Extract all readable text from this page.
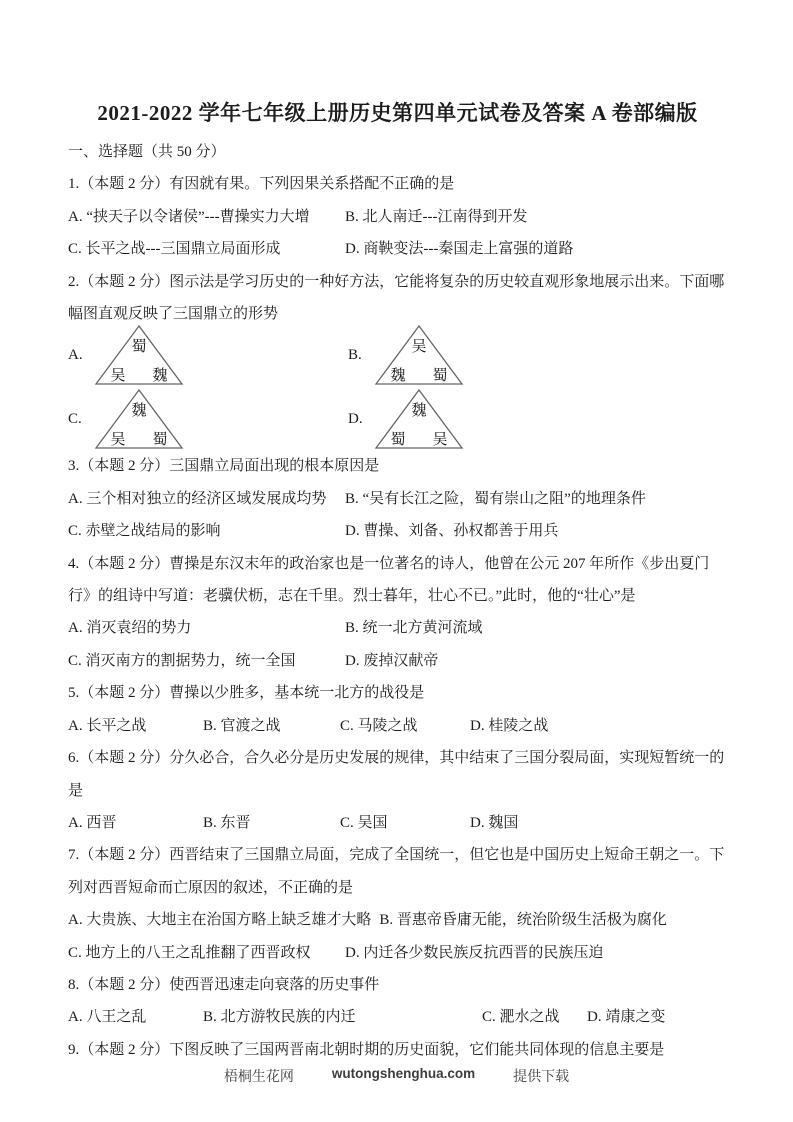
2021-2022 学年七年级上册历史第四单元试卷及答案 A 卷部编版
一、选择题（共 50 分）
1.（本题 2 分）有因就有果。下列因果关系搭配不正确的是
A. “挟天子以令诸侯”---曹操实力大增	B. 北人南迁---江南得到开发
C. 长平之战---三国鼎立局面形成	D. 商鞅变法---秦国走上富强的道路
2.（本题 2 分）图示法是学习历史的一种好方法，它能将复杂的历史较直观形象地展示出来。下面哪幅图直观反映了三国鼎立的形势
A.	蜀
吴 魏
B.	吴
魏 蜀
C.	魏
吴 蜀
D.	魏
蜀 吴
3.（本题 2 分）三国鼎立局面出现的根本原因是
A. 三个相对独立的经济区域发展成均势	B. “吴有长江之险，蜀有崇山之阻”的地理条件
C. 赤壁之战结局的影响	D. 曹操、刘备、孙权都善于用兵
4.（本题 2 分）曹操是东汉末年的政治家也是一位著名的诗人，他曾在公元 207 年所作《步出夏门行》的组诗中写道：老骥伏枥，志在千里。烈士暮年，壮心不已。”此时，他的“壮心”是
A. 消灭袁绍的势力	B. 统一北方黄河流域
C. 消灭南方的割据势力，统一全国	D. 废掉汉献帝
5.（本题 2 分）曹操以少胜多，基本统一北方的战役是
A. 长平之战	B. 官渡之战	C. 马陵之战	D. 桂陵之战
6.（本题 2 分）分久必合，合久必分是历史发展的规律，其中结束了三国分裂局面，实现短暂统一的是
A. 西晋	B. 东晋	C. 吴国	D. 魏国
7.（本题 2 分）西晋结束了三国鼎立局面，完成了全国统一，但它也是中国历史上短命王朝之一。下列对西晋短命而亡原因的叙述，不正确的是
A. 大贵族、大地主在治国方略上缺乏雄才大略 B. 晋惠帝昏庸无能，统治阶级生活极为腐化
C. 地方上的八王之乱推翻了西晋政权	D. 内迁各少数民族反抗西晋的民族压迫
8.（本题 2 分）使西晋迅速走向衰落的历史事件
A. 八王之乱	B. 北方游牧民族的内迁	C. 淝水之战	D. 靖康之变
9.（本题 2 分）下图反映了三国两晋南北朝时期的历史面貌，它们能共同体现的信息主要是
梧桐生花网	wutongshenghua.com	提供下载
